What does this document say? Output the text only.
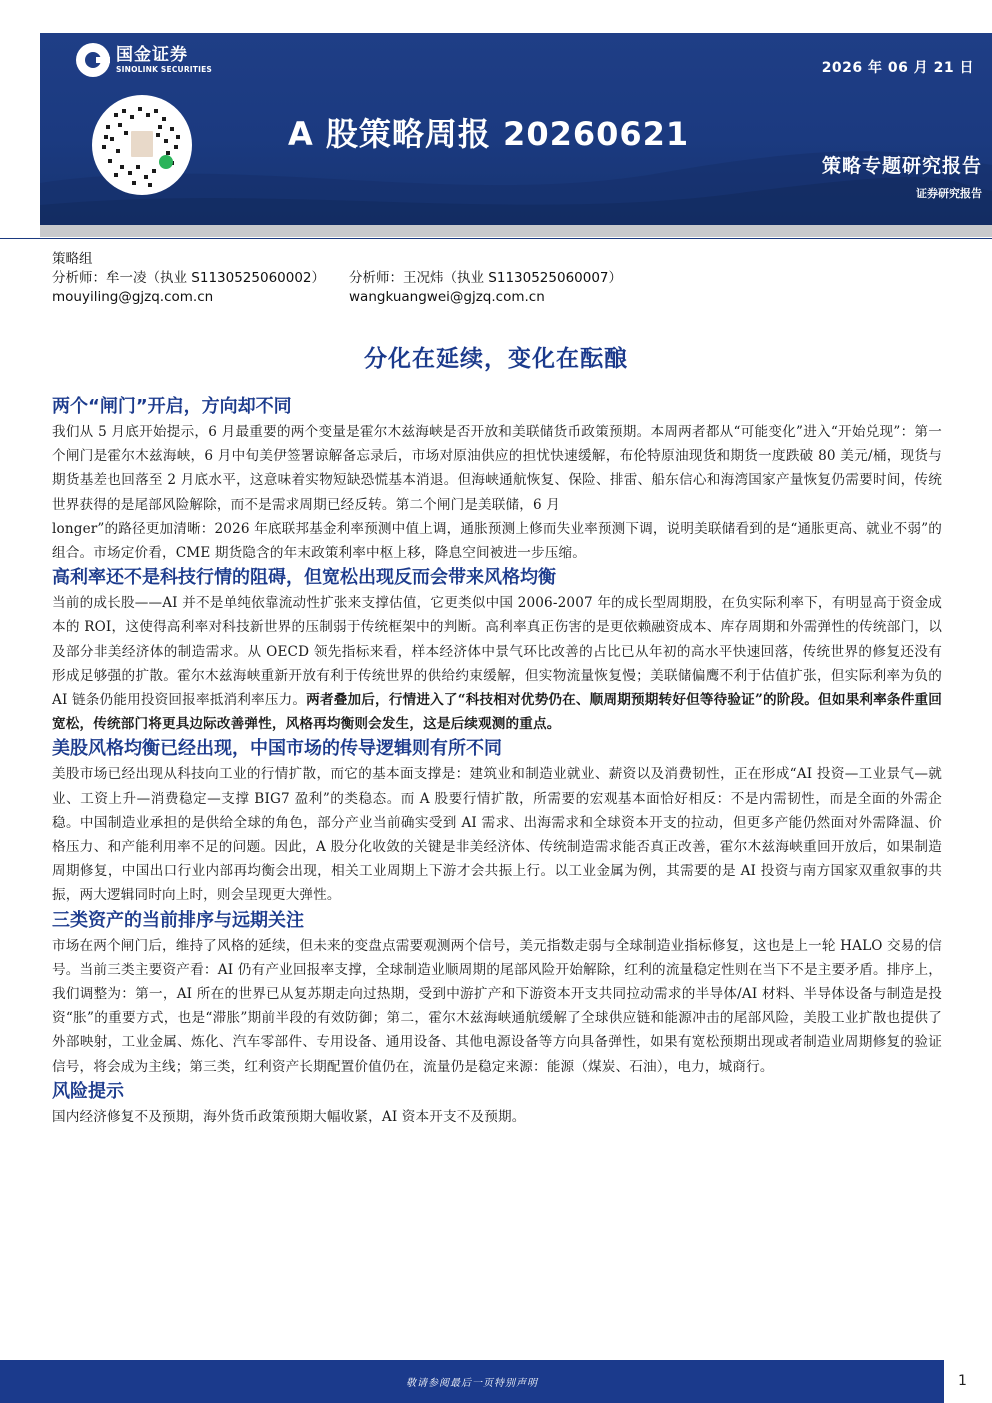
国金证券
SINOLINK SECURITIES	2026 年 06 月 21 日
A 股策略周报 20260621
策略专题研究报告
证券研究报告
策略组
分析师：牟一凌（执业 S1130525060002）	分析师：王况炜（执业 S1130525060007）
mouyiling@gjzq.com.cn	wangkuangwei@gjzq.com.cn
分化在延续，变化在酝酿
两个“闸门”开启，方向却不同
我们从 5 月底开始提示，6 月最重要的两个变量是霍尔木兹海峡是否开放和美联储货币政策预期。本周两者都从“可能变化”进入“开始兑现”：第一个闸门是霍尔木兹海峡，6 月中旬美伊签署谅解备忘录后，市场对原油供应的担忧快速缓解，布伦特原油现货和期货一度跌破 80 美元/桶，现货与期货基差也回落至 2 月底水平，这意味着实物短缺恐慌基本消退。但海峡通航恢复、保险、排雷、船东信心和海湾国家产量恢复仍需要时间，传统世界获得的是尾部风险解除，而不是需求周期已经反转。第二个闸门是美联储，6 月
longer”的路径更加清晰：2026 年底联邦基金利率预测中值上调，通胀预测上修而失业率预测下调，说明美联储看到的是“通胀更高、就业不弱”的组合。市场定价看，CME 期货隐含的年末政策利率中枢上移，降息空间被进一步压缩。
高利率还不是科技行情的阻碍，但宽松出现反而会带来风格均衡
当前的成长股——AI 并不是单纯依靠流动性扩张来支撑估值，它更类似中国 2006-2007 年的成长型周期股，在负实际利率下，有明显高于资金成本的 ROI，这使得高利率对科技新世界的压制弱于传统框架中的判断。高利率真正伤害的是更依赖融资成本、库存周期和外需弹性的传统部门，以及部分非美经济体的制造需求。从 OECD 领先指标来看，样本经济体中景气环比改善的占比已从年初的高水平快速回落，传统世界的修复还没有形成足够强的扩散。霍尔木兹海峡重新开放有利于传统世界的供给约束缓解，但实物流量恢复慢；美联储偏鹰不利于估值扩张，但实际利率为负的 AI 链条仍能用投资回报率抵消利率压力。两者叠加后，行情进入了“科技相对优势仍在、顺周期预期转好但等待验证”的阶段。但如果利率条件重回宽松，传统部门将更具边际改善弹性，风格再均衡则会发生，这是后续观测的重点。
美股风格均衡已经出现，中国市场的传导逻辑则有所不同
美股市场已经出现从科技向工业的行情扩散，而它的基本面支撑是：建筑业和制造业就业、薪资以及消费韧性，正在形成“AI 投资—工业景气—就业、工资上升—消费稳定—支撑 BIG7 盈利”的类稳态。而 A 股要行情扩散，所需要的宏观基本面恰好相反：不是内需韧性，而是全面的外需企稳。中国制造业承担的是供给全球的角色，部分产业当前确实受到 AI 需求、出海需求和全球资本开支的拉动，但更多产能仍然面对外需降温、价格压力、和产能利用率不足的问题。因此，A 股分化收敛的关键是非美经济体、传统制造需求能否真正改善，霍尔木兹海峡重回开放后，如果制造周期修复，中国出口行业内部再均衡会出现，相关工业周期上下游才会共振上行。以工业金属为例，其需要的是 AI 投资与南方国家双重叙事的共振，两大逻辑同时向上时，则会呈现更大弹性。
三类资产的当前排序与远期关注
市场在两个闸门后，维持了风格的延续，但未来的变盘点需要观测两个信号，美元指数走弱与全球制造业指标修复，这也是上一轮 HALO 交易的信号。当前三类主要资产看：AI 仍有产业回报率支撑，全球制造业顺周期的尾部风险开始解除，红利的流量稳定性则在当下不是主要矛盾。排序上，我们调整为：第一，AI 所在的世界已从复苏期走向过热期，受到中游扩产和下游资本开支共同拉动需求的半导体/AI 材料、半导体设备与制造是投资“胀”的重要方式，也是“滞胀”期前半段的有效防御；第二，霍尔木兹海峡通航缓解了全球供应链和能源冲击的尾部风险，美股工业扩散也提供了外部映射，工业金属、炼化、汽车零部件、专用设备、通用设备、其他电源设备等方向具备弹性，如果有宽松预期出现或者制造业周期修复的验证信号，将会成为主线；第三类，红利资产长期配置价值仍在，流量仍是稳定来源：能源（煤炭、石油），电力，城商行。
风险提示
国内经济修复不及预期，海外货币政策预期大幅收紧，AI 资本开支不及预期。
敬请参阅最后一页特别声明	1
